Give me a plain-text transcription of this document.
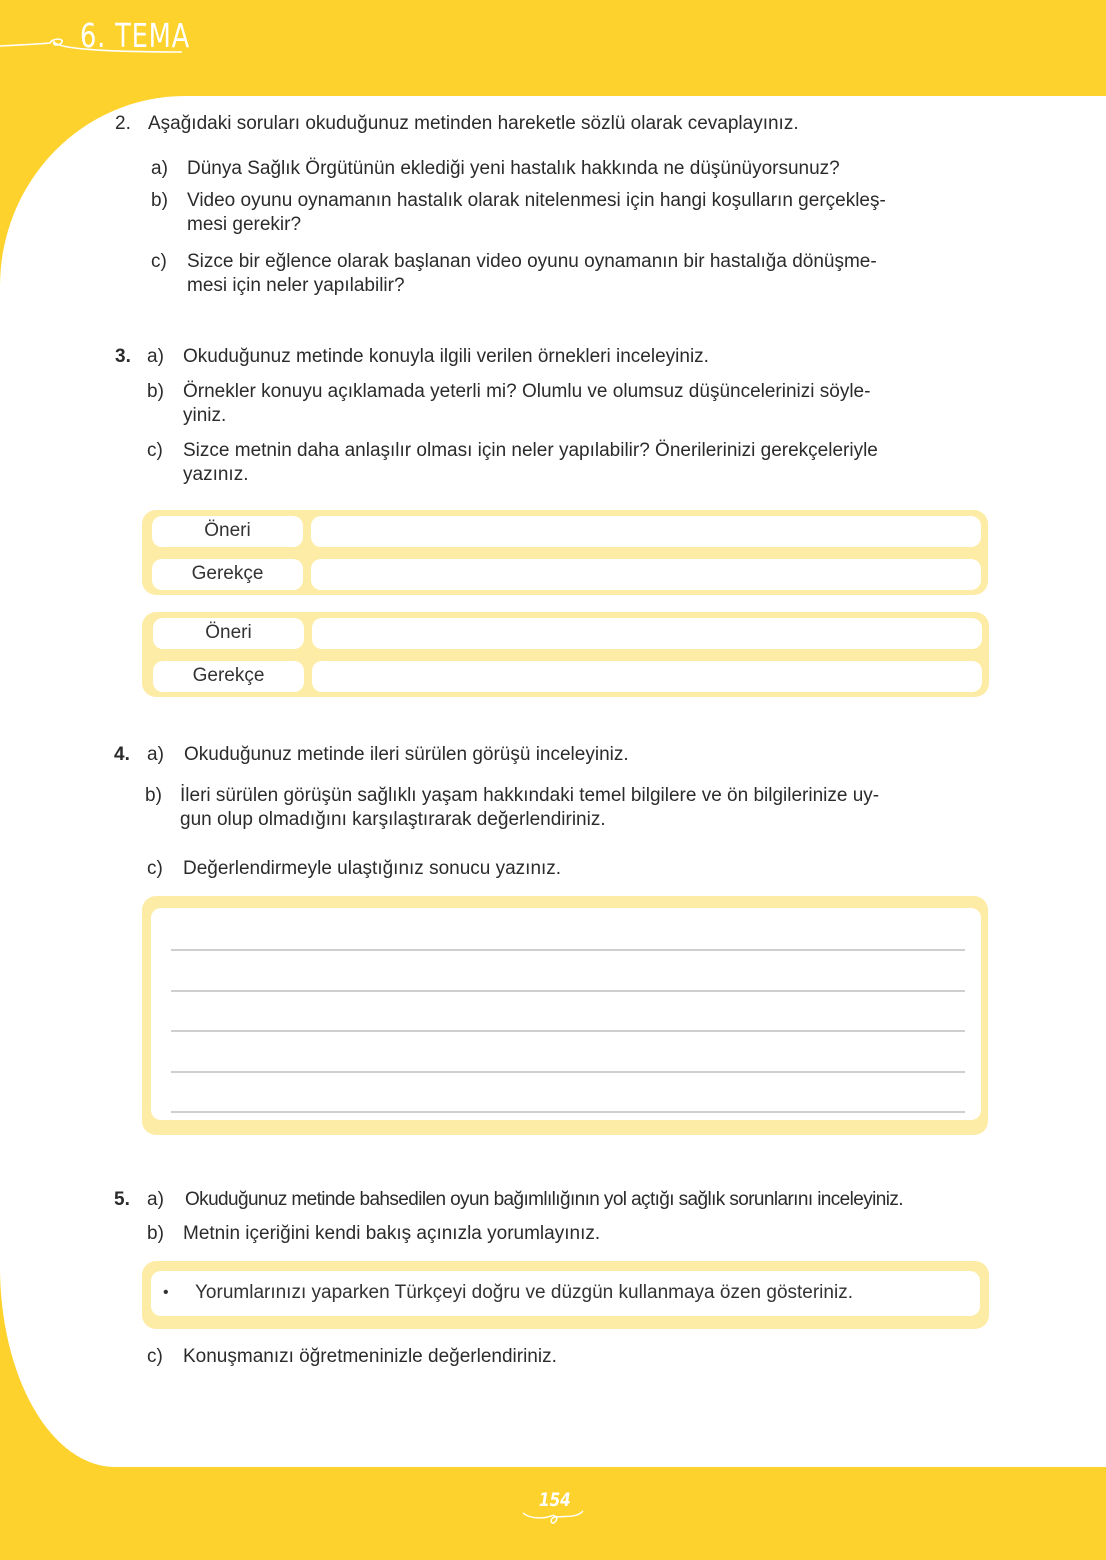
6. TEMA
2. Aşağıdaki soruları okuduğunuz metinden hareketle sözlü olarak cevaplayınız.
a) Dünya Sağlık Örgütünün eklediği yeni hastalık hakkında ne düşünüyorsunuz?
b) Video oyunu oynamanın hastalık olarak nitelenmesi için hangi koşulların gerçekleş-
mesi gerekir?
c) Sizce bir eğlence olarak başlanan video oyunu oynamanın bir hastalığa dönüşme-
mesi için neler yapılabilir?
3. a) Okuduğunuz metinde konuyla ilgili verilen örnekleri inceleyiniz.
b) Örnekler konuyu açıklamada yeterli mi? Olumlu ve olumsuz düşüncelerinizi söyle-
yiniz.
c) Sizce metnin daha anlaşılır olması için neler yapılabilir? Önerilerinizi gerekçeleriyle
yazınız.
Öneri
Gerekçe
Öneri
Gerekçe
4. a) Okuduğunuz metinde ileri sürülen görüşü inceleyiniz.
b) İleri sürülen görüşün sağlıklı yaşam hakkındaki temel bilgilere ve ön bilgilerinize uy-
gun olup olmadığını karşılaştırarak değerlendiriniz.
c) Değerlendirmeyle ulaştığınız sonucu yazınız.
5. a) Okuduğunuz metinde bahsedilen oyun bağımlılığının yol açtığı sağlık sorunlarını inceleyiniz.
b) Metnin içeriğini kendi bakış açınızla yorumlayınız.
• Yorumlarınızı yaparken Türkçeyi doğru ve düzgün kullanmaya özen gösteriniz.
c) Konuşmanızı öğretmeninizle değerlendiriniz.
154
